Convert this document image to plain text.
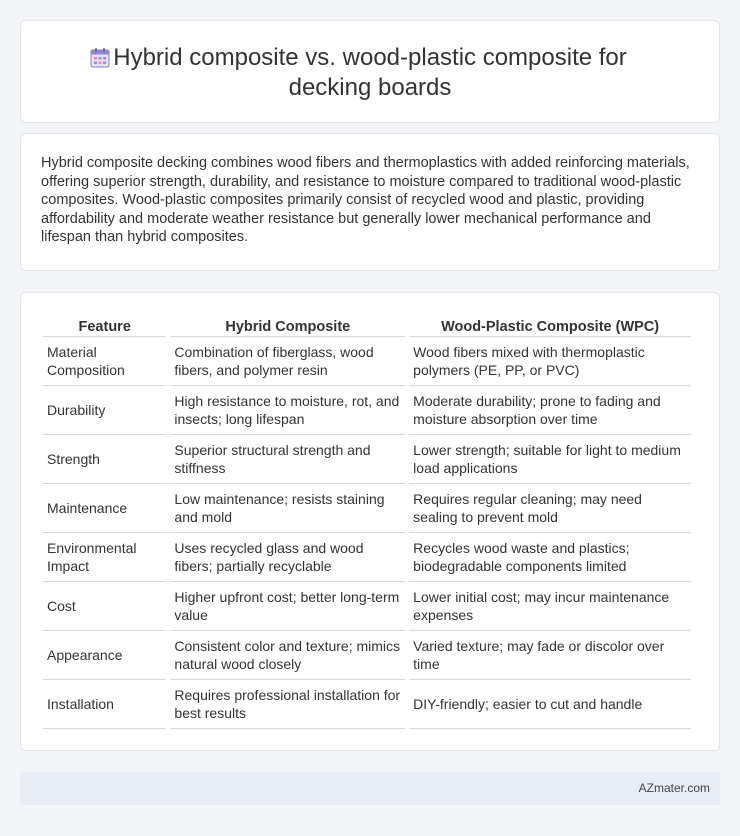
Hybrid composite vs. wood-plastic composite for
decking boards

Hybrid composite decking combines wood fibers and thermoplastics with added reinforcing materials, offering superior strength, durability, and resistance to moisture compared to traditional wood-plastic composites. Wood-plastic composites primarily consist of recycled wood and plastic, providing affordability and moderate weather resistance but generally lower mechanical performance and lifespan than hybrid composites.

Feature	Hybrid Composite	Wood-Plastic Composite (WPC)
Material Composition	Combination of fiberglass, wood fibers, and polymer resin	Wood fibers mixed with thermoplastic polymers (PE, PP, or PVC)
Durability	High resistance to moisture, rot, and insects; long lifespan	Moderate durability; prone to fading and moisture absorption over time
Strength	Superior structural strength and stiffness	Lower strength; suitable for light to medium load applications
Maintenance	Low maintenance; resists staining and mold	Requires regular cleaning; may need sealing to prevent mold
Environmental Impact	Uses recycled glass and wood fibers; partially recyclable	Recycles wood waste and plastics; biodegradable components limited
Cost	Higher upfront cost; better long-term value	Lower initial cost; may incur maintenance expenses
Appearance	Consistent color and texture; mimics natural wood closely	Varied texture; may fade or discolor over time
Installation	Requires professional installation for best results	DIY-friendly; easier to cut and handle
AZmater.com
